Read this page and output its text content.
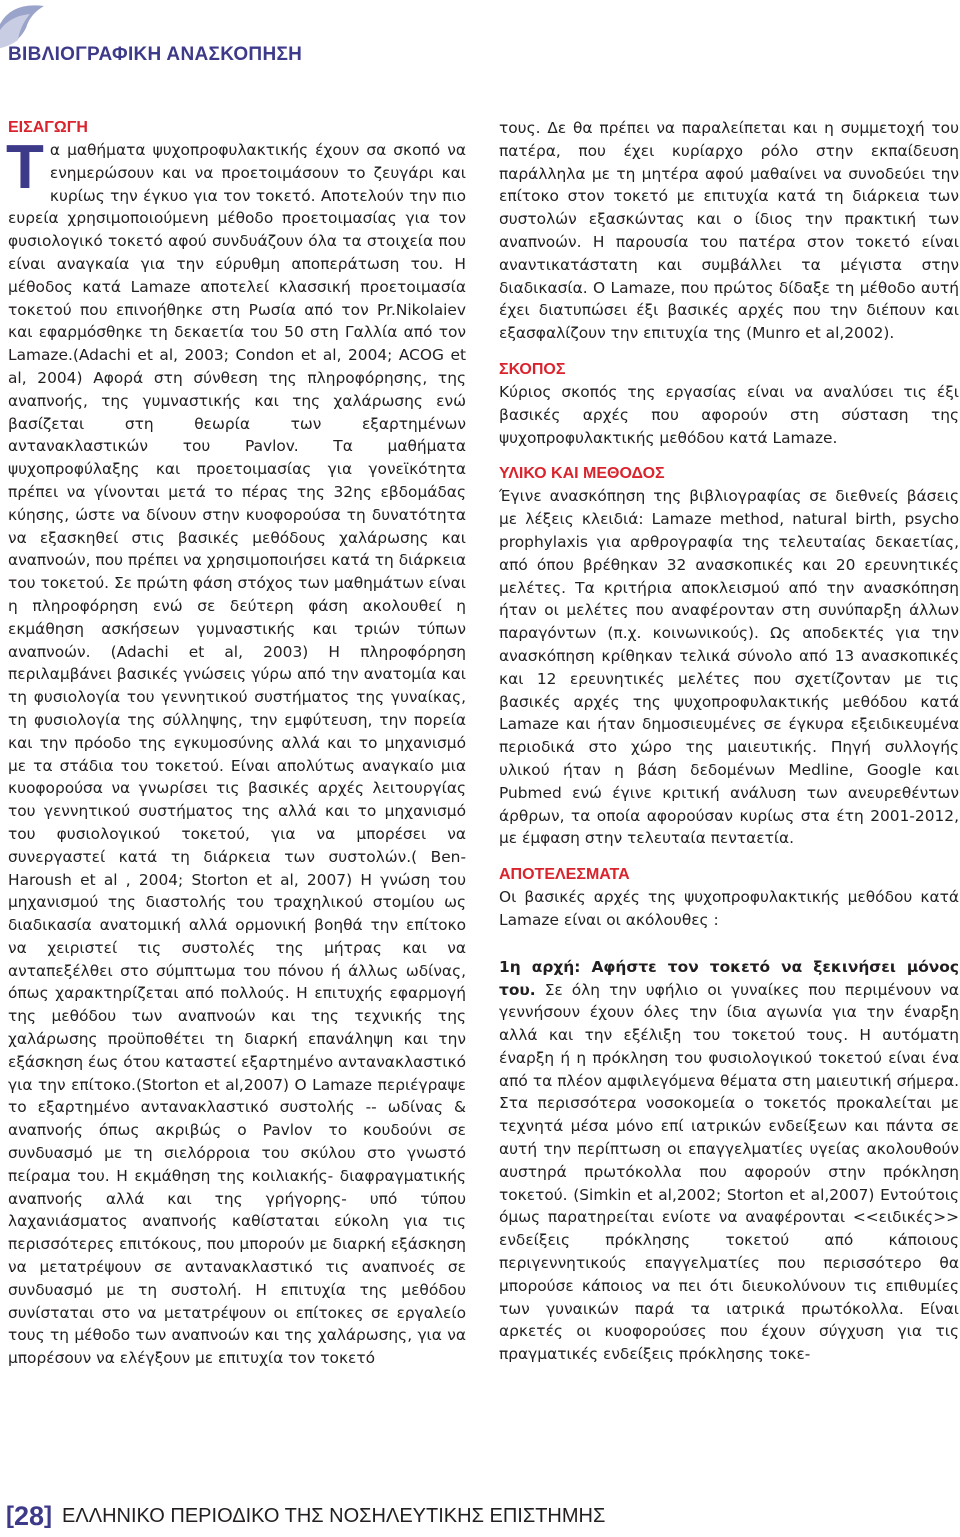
ΒΙΒΛΙΟΓΡΑΦΙΚΗ ΑΝΑΣΚΟΠΗΣΗ
ΕΙΣΑΓΩΓΗ

Τα μαθήματα ψυχοπροφυλακτικής έχουν σα σκοπό να ενημερώσουν και να προετοιμάσουν το ζευγάρι και κυρίως την έγκυο για τον τοκετό. Αποτελούν την πιο ευρεία χρησιμοποιούμενη μέθοδο προετοιμασίας για τον φυσιολογικό τοκετό αφού συνδυάζουν όλα τα στοιχεία που είναι αναγκαία για την εύρυθμη αποπεράτωση του. Η μέθοδος κατά Lamaze αποτελεί κλασσική προετοιμασία τοκετού που επινοήθηκε στη Ρωσία από τον Pr.Nikolaiev και εφαρμόσθηκε τη δεκαετία του 50 στη Γαλλία από τον Lamaze.(Adachi et al, 2003; Condon et al, 2004; ACOG et al, 2004) Αφορά στη σύνθεση της πληροφόρησης, της αναπνοής, της γυμναστικής και της χαλάρωσης ενώ βασίζεται στη θεωρία των εξαρτημένων αντανακλαστικών του Pavlov. Τα μαθήματα ψυχοπροφύλαξης και προετοιμασίας για γονεϊκότητα πρέπει να γίνονται μετά το πέρας της 32ης εβδομάδας κύησης, ώστε να δίνουν στην κυοφορούσα τη δυνατότητα να εξασκηθεί στις βασικές μεθόδους χαλάρωσης και αναπνοών, που πρέπει να χρησιμοποιήσει κατά τη διάρκεια του τοκετού. Σε πρώτη φάση στόχος των μαθημάτων είναι η πληροφόρηση ενώ σε δεύτερη φάση ακολουθεί η εκμάθηση ασκήσεων γυμναστικής και τριών τύπων αναπνοών. (Adachi et al, 2003) Η πληροφόρηση περιλαμβάνει βασικές γνώσεις γύρω από την ανατομία και τη φυσιολογία του γεννητικού συστήματος της γυναίκας, τη φυσιολογία της σύλληψης, την εμφύτευση, την πορεία και την πρόοδο της εγκυμοσύνης αλλά και το μηχανισμό με τα στάδια του τοκετού. Είναι απολύτως αναγκαίο μια κυοφορούσα να γνωρίσει τις βασικές αρχές λειτουργίας του γεννητικού συστήματος της αλλά και το μηχανισμό του φυσιολογικού τοκετού, για να μπορέσει να συνεργαστεί κατά τη διάρκεια των συστολών.( Ben-Haroush et al , 2004; Storton et al, 2007) Η γνώση του μηχανισμού της διαστολής του τραχηλικού στομίου ως διαδικασία ανατομική αλλά ορμονική βοηθά την επίτοκο να χειριστεί τις συστολές της μήτρας και να ανταπεξέλθει στο σύμπτωμα του πόνου ή άλλως ωδίνας, όπως χαρακτηρίζεται από πολλούς. Η επιτυχής εφαρμογή της μεθόδου των αναπνοών και της τεχνικής της χαλάρωσης προϋποθέτει τη διαρκή επανάληψη και την εξάσκηση έως ότου καταστεί εξαρτημένο αντανακλαστικό για την επίτοκο.(Storton et al,2007) Ο Lamaze περιέγραψε το εξαρτημένο αντανακλαστικό συστολής ‑‑ ωδίνας & αναπνοής όπως ακριβώς ο Pavlov το κουδούνι σε συνδυασμό με τη σιελόρροια του σκύλου στο γνωστό πείραμα του. Η εκμάθηση της κοιλιακής- διαφραγματικής αναπνοής αλλά και της γρήγορης- υπό τύπου λαχανιάσματος αναπνοής καθίσταται εύκολη για τις περισσότερες επιτόκους, που μπορούν με διαρκή εξάσκηση να μετατρέψουν σε αντανακλαστικό τις αναπνοές σε συνδυασμό με τη συστολή. Η επιτυχία της μεθόδου συνίσταται στο να μετατρέψουν οι επίτοκες σε εργαλείο τους τη μέθοδο των αναπνοών και της χαλάρωσης, για να μπορέσουν να ελέγξουν με επιτυχία τον τοκετό

τους. Δε θα πρέπει να παραλείπεται και η συμμετοχή του πατέρα, που έχει κυρίαρχο ρόλο στην εκπαίδευση παράλληλα με τη μητέρα αφού μαθαίνει να συνοδεύει την επίτοκο στον τοκετό με επιτυχία κατά τη διάρκεια των συστολών εξασκώντας και ο ίδιος την πρακτική των αναπνοών. Η παρουσία του πατέρα στον τοκετό είναι αναντικατάστατη και συμβάλλει τα μέγιστα στην διαδικασία. Ο Lamaze, που πρώτος δίδαξε τη μέθοδο αυτή έχει διατυπώσει έξι βασικές αρχές που την διέπουν και εξασφαλίζουν την επιτυχία της (Munro et al,2002).

ΣΚΟΠΟΣ

Κύριος σκοπός της εργασίας είναι να αναλύσει τις έξι βασικές αρχές που αφορούν στη σύσταση της ψυχοπροφυλακτικής μεθόδου κατά Lamaze.

ΥΛΙΚΟ ΚΑΙ ΜΕΘΟΔΟΣ

Έγινε ανασκόπηση της βιβλιογραφίας σε διεθνείς βάσεις με λέξεις κλειδιά: Lamaze method, natural birth, psycho prophylaxis για αρθρογραφία της τελευταίας δεκαετίας, από όπου βρέθηκαν 32 ανασκοπικές και 20 ερευνητικές μελέτες. Τα κριτήρια αποκλεισμού από την ανασκόπηση ήταν οι μελέτες που αναφέρονταν στη συνύπαρξη άλλων παραγόντων (π.χ. κοινωνικούς). Ως αποδεκτές για την ανασκόπηση κρίθηκαν τελικά σύνολο από 13 ανασκοπικές και 12 ερευνητικές μελέτες που σχετίζονταν με τις βασικές αρχές της ψυχοπροφυλακτικής μεθόδου κατά Lamaze και ήταν δημοσιευμένες σε έγκυρα εξειδικευμένα περιοδικά στο χώρο της μαιευτικής. Πηγή συλλογής υλικού ήταν η βάση δεδομένων Medline, Google και Pubmed ενώ έγινε κριτική ανάλυση των ανευρεθέντων άρθρων, τα οποία αφορούσαν κυρίως στα έτη 2001-2012, με έμφαση στην τελευταία πενταετία.

ΑΠΟΤΕΛΕΣΜΑΤΑ

Οι βασικές αρχές της ψυχοπροφυλακτικής μεθόδου κατά Lamaze είναι οι ακόλουθες :

1η αρχή: Αφήστε τον τοκετό να ξεκινήσει μόνος του. Σε όλη την υφήλιο οι γυναίκες που περιμένουν να γεννήσουν έχουν όλες την ίδια αγωνία για την έναρξη αλλά και την εξέλιξη του τοκετού τους. Η αυτόματη έναρξη ή η πρόκληση του φυσιολογικού τοκετού είναι ένα από τα πλέον αμφιλεγόμενα θέματα στη μαιευτική σήμερα. Στα περισσότερα νοσοκομεία ο τοκετός προκαλείται με τεχνητά μέσα μόνο επί ιατρικών ενδείξεων και πάντα σε αυτή την περίπτωση οι επαγγελματίες υγείας ακολουθούν αυστηρά πρωτόκολλα που αφορούν στην πρόκληση τοκετού. (Simkin et al,2002; Storton et al,2007) Εντούτοις όμως παρατηρείται ενίοτε να αναφέρονται <<ειδικές>> ενδείξεις πρόκλησης τοκετού από κάποιους περιγεννητικούς επαγγελματίες που περισσότερο θα μπορούσε κάποιος να πει ότι διευκολύνουν τις επιθυμίες των γυναικών παρά τα ιατρικά πρωτόκολλα. Είναι αρκετές οι κυοφορούσες που έχουν σύγχυση για τις πραγματικές ενδείξεις πρόκλησης τοκε-

[ 28 ] ΕΛΛΗΝΙΚΟ ΠΕΡΙΟΔΙΚΟ ΤΗΣ ΝΟΣΗΛΕΥΤΙΚΗΣ ΕΠΙΣΤΗΜΗΣ
